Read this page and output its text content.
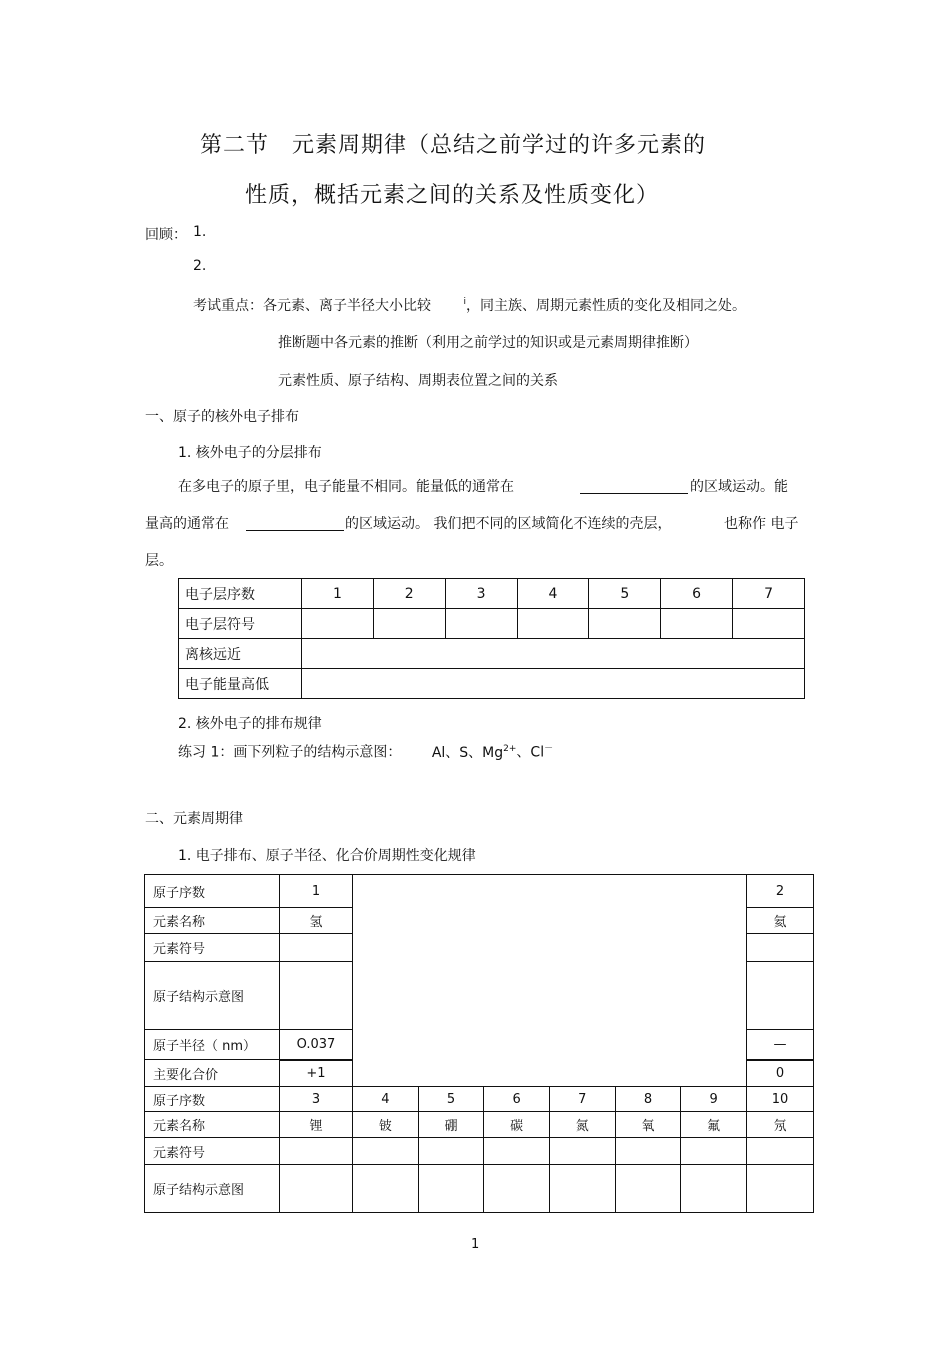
第二节　元素周期律（总结之前学过的许多元素的
性质，概括元素之间的关系及性质变化）
回顾： 1.
2.
考试重点：各元素、离子半径大小比较	$^i$，同主族、周期元素性质的变化及相同之处。
推断题中各元素的推断（利用之前学过的知识或是元素周期律推断）
元素性质、原子结构、周期表位置之间的关系
一、原子的核外电子排布
1. 核外电子的分层排布
在多电子的原子里，电子能量不相同。能量低的通常在	的区域运动。能
量高的通常在	的区域运动。 我们把不同的区域简化不连续的壳层，	也称作 电子
层。
电子层序数	1	2	3	4	5	6	7
电子层符号							
离核远近							
电子能量高低							
2. 核外电子的排布规律
练习 1：画下列粒子的结构示意图： Al、S、$Mg^{2+}$、Cl－
二、元素周期律
1. 电子排布、原子半径、化合价周期性变化规律
原子序数	1							2
元素名称	氢							氦
元素符号								
原子结构示意图								
原子半径（ nm）	O.037							—
主要化合价	+1							0
原子序数	3	4	5	6	7	8	9	10
元素名称	锂	铍	硼	碳	氮	氧	氟	氖
元素符号								
原子结构示意图								
1
